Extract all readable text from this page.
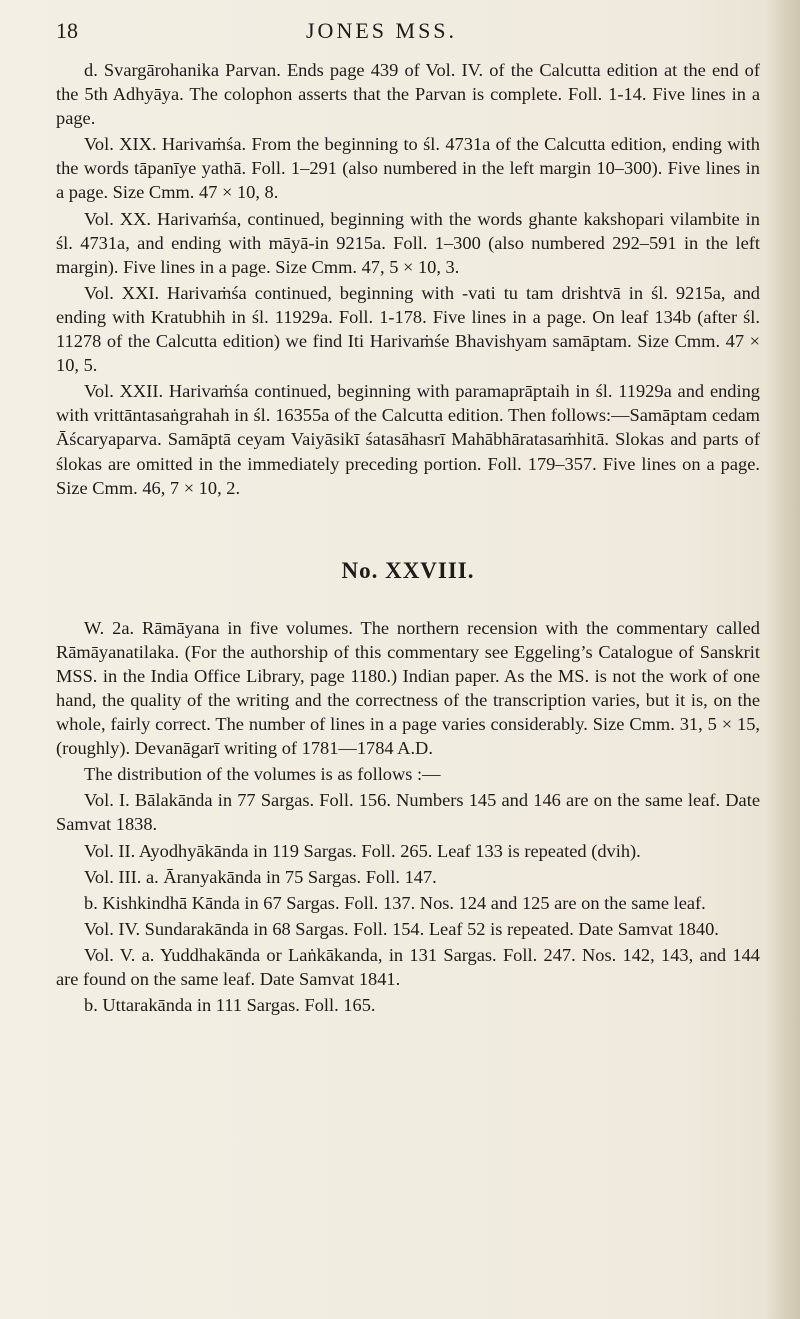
18	JONES MSS.

d. Svargārohanika Parvan. Ends page 439 of Vol. IV. of the Calcutta edition at the end of the 5th Adhyāya. The colophon asserts that the Parvan is complete. Foll. 1-14. Five lines in a page.

Vol. XIX. Harivaṁśa. From the beginning to śl. 4731a of the Calcutta edition, ending with the words tāpanīye yathā. Foll. 1–291 (also numbered in the left margin 10–300). Five lines in a page. Size Cmm. 47 × 10, 8.

Vol. XX. Harivaṁśa, continued, beginning with the words ghante kakshopari vilambite in śl. 4731a, and ending with māyā-in 9215a. Foll. 1–300 (also numbered 292–591 in the left margin). Five lines in a page. Size Cmm. 47, 5 × 10, 3.

Vol. XXI. Harivaṁśa continued, beginning with -vati tu tam drishtvā in śl. 9215a, and ending with Kratubhih in śl. 11929a. Foll. 1-178. Five lines in a page. On leaf 134b (after śl. 11278 of the Calcutta edition) we find Iti Harivaṁśe Bhavishyam samāptam. Size Cmm. 47 × 10, 5.

Vol. XXII. Harivaṁśa continued, beginning with paramaprāptaih in śl. 11929a and ending with vrittāntasaṅgrahah in śl. 16355a of the Calcutta edition. Then follows:—Samāptam cedam Āścaryaparva. Samāptā ceyam Vaiyāsikī śatasāhasrī Mahābhāratasaṁhitā. Slokas and parts of ślokas are omitted in the immediately preceding portion. Foll. 179–357. Five lines on a page. Size Cmm. 46, 7 × 10, 2.

No. XXVIII.

W. 2a. Rāmāyana in five volumes. The northern recension with the commentary called Rāmāyanatilaka. (For the authorship of this commentary see Eggeling’s Catalogue of Sanskrit MSS. in the India Office Library, page 1180.) Indian paper. As the MS. is not the work of one hand, the quality of the writing and the correctness of the transcription varies, but it is, on the whole, fairly correct. The number of lines in a page varies considerably. Size Cmm. 31, 5 × 15, (roughly). Devanāgarī writing of 1781—1784 A.D.

The distribution of the volumes is as follows :—

Vol. I. Bālakānda in 77 Sargas. Foll. 156. Numbers 145 and 146 are on the same leaf. Date Samvat 1838.

Vol. II. Ayodhyākānda in 119 Sargas. Foll. 265. Leaf 133 is repeated (dvih).

Vol. III. a. Āranyakānda in 75 Sargas. Foll. 147.

b. Kishkindhā Kānda in 67 Sargas. Foll. 137. Nos. 124 and 125 are on the same leaf.

Vol. IV. Sundarakānda in 68 Sargas. Foll. 154. Leaf 52 is repeated. Date Samvat 1840.

Vol. V. a. Yuddhakānda or Laṅkākanda, in 131 Sargas. Foll. 247. Nos. 142, 143, and 144 are found on the same leaf. Date Samvat 1841.

b. Uttarakānda in 111 Sargas. Foll. 165.
